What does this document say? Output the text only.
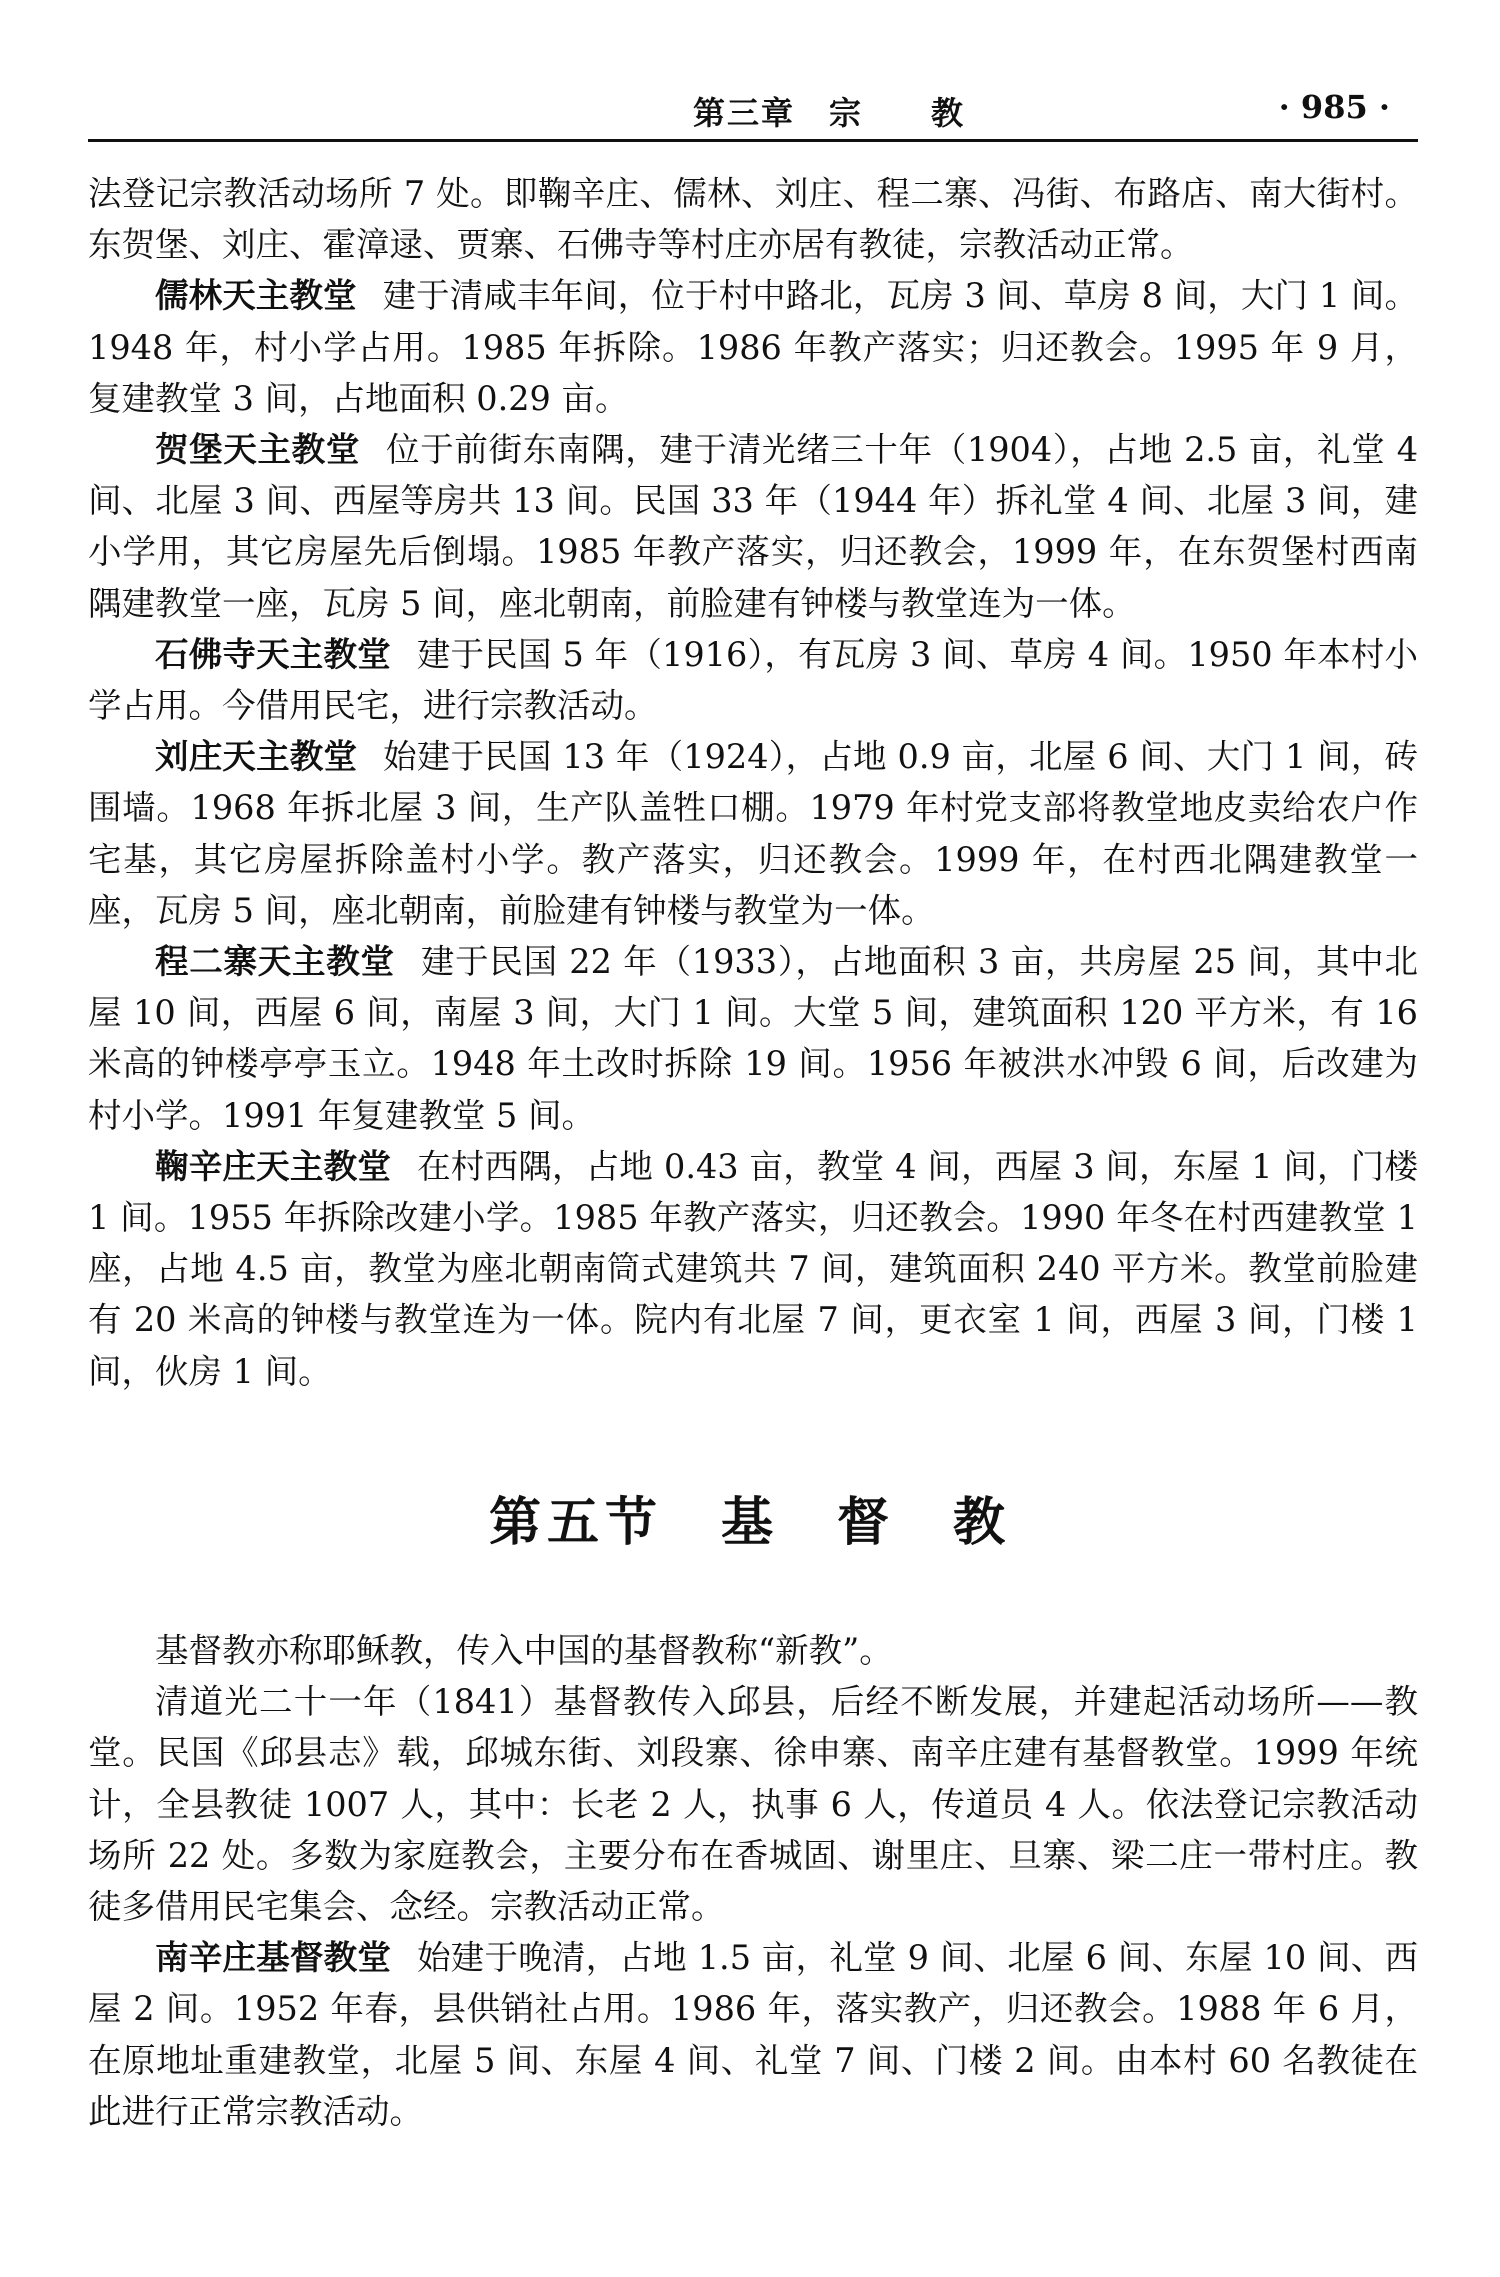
第三章　宗　　教	· 985 ·

法登记宗教活动场所 7 处。即鞠辛庄、儒林、刘庄、程二寨、冯街、布路店、南大街村。东贺堡、刘庄、霍漳逯、贾寨、石佛寺等村庄亦居有教徒，宗教活动正常。

儒林天主教堂 建于清咸丰年间，位于村中路北，瓦房 3 间、草房 8 间，大门 1 间。1948 年，村小学占用。1985 年拆除。1986 年教产落实；归还教会。1995 年 9 月，复建教堂 3 间，占地面积 0.29 亩。

贺堡天主教堂 位于前街东南隅，建于清光绪三十年（1904），占地 2.5 亩，礼堂 4 间、北屋 3 间、西屋等房共 13 间。民国 33 年（1944 年）拆礼堂 4 间、北屋 3 间，建小学用，其它房屋先后倒塌。1985 年教产落实，归还教会，1999 年，在东贺堡村西南隅建教堂一座，瓦房 5 间，座北朝南，前脸建有钟楼与教堂连为一体。

石佛寺天主教堂 建于民国 5 年（1916），有瓦房 3 间、草房 4 间。1950 年本村小学占用。今借用民宅，进行宗教活动。

刘庄天主教堂 始建于民国 13 年（1924），占地 0.9 亩，北屋 6 间、大门 1 间，砖围墙。1968 年拆北屋 3 间，生产队盖牲口棚。1979 年村党支部将教堂地皮卖给农户作宅基，其它房屋拆除盖村小学。教产落实，归还教会。1999 年，在村西北隅建教堂一座，瓦房 5 间，座北朝南，前脸建有钟楼与教堂为一体。

程二寨天主教堂 建于民国 22 年（1933），占地面积 3 亩，共房屋 25 间，其中北屋 10 间，西屋 6 间，南屋 3 间，大门 1 间。大堂 5 间，建筑面积 120 平方米，有 16 米高的钟楼亭亭玉立。1948 年土改时拆除 19 间。1956 年被洪水冲毁 6 间，后改建为村小学。1991 年复建教堂 5 间。

鞠辛庄天主教堂 在村西隅，占地 0.43 亩，教堂 4 间，西屋 3 间，东屋 1 间，门楼 1 间。1955 年拆除改建小学。1985 年教产落实，归还教会。1990 年冬在村西建教堂 1 座，占地 4.5 亩，教堂为座北朝南筒式建筑共 7 间，建筑面积 240 平方米。教堂前脸建有 20 米高的钟楼与教堂连为一体。院内有北屋 7 间，更衣室 1 间，西屋 3 间，门楼 1 间，伙房 1 间。

第五节　基　督　教

基督教亦称耶稣教，传入中国的基督教称“新教”。

清道光二十一年（1841）基督教传入邱县，后经不断发展，并建起活动场所——教堂。民国《邱县志》载，邱城东街、刘段寨、徐申寨、南辛庄建有基督教堂。1999 年统计，全县教徒 1007 人，其中：长老 2 人，执事 6 人，传道员 4 人。依法登记宗教活动场所 22 处。多数为家庭教会，主要分布在香城固、谢里庄、旦寨、梁二庄一带村庄。教徒多借用民宅集会、念经。宗教活动正常。

南辛庄基督教堂 始建于晚清，占地 1.5 亩，礼堂 9 间、北屋 6 间、东屋 10 间、西屋 2 间。1952 年春，县供销社占用。1986 年，落实教产，归还教会。1988 年 6 月，在原地址重建教堂，北屋 5 间、东屋 4 间、礼堂 7 间、门楼 2 间。由本村 60 名教徒在此进行正常宗教活动。
